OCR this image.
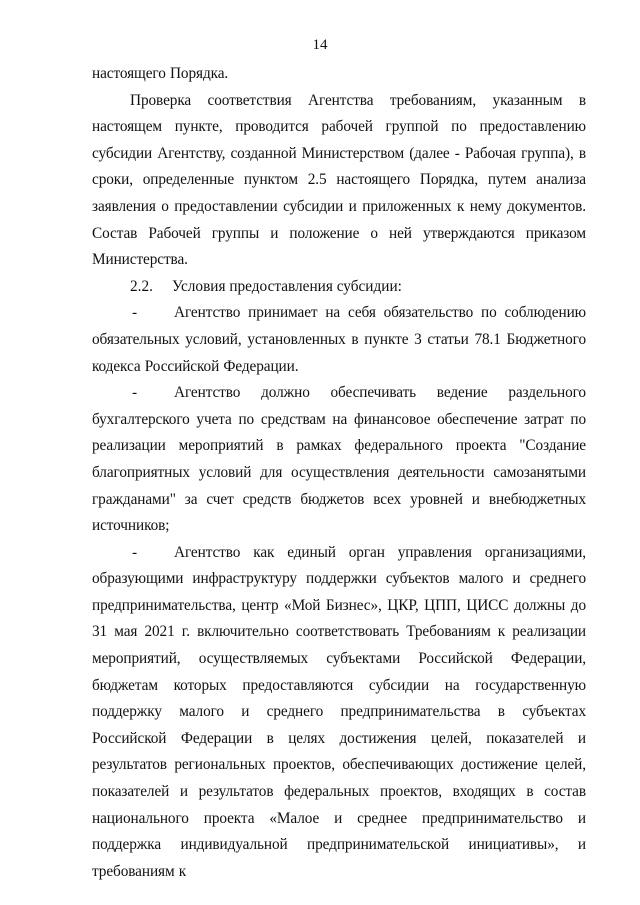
14

настоящего Порядка.

Проверка соответствия Агентства требованиям, указанным в настоящем пункте, проводится рабочей группой по предоставлению субсидии Агентству, созданной Министерством (далее - Рабочая группа), в сроки, определенные пунктом 2.5 настоящего Порядка, путем анализа заявления о предоставлении субсидии и приложенных к нему документов. Состав Рабочей группы и положение о ней утверждаются приказом Министерства.

2.2. Условия предоставления субсидии:

- Агентство принимает на себя обязательство по соблюдению обязательных условий, установленных в пункте 3 статьи 78.1 Бюджетного кодекса Российской Федерации.

- Агентство должно обеспечивать ведение раздельного бухгалтерского учета по средствам на финансовое обеспечение затрат по реализации мероприятий в рамках федерального проекта "Создание благоприятных условий для осуществления деятельности самозанятыми гражданами" за счет средств бюджетов всех уровней и внебюджетных источников;

- Агентство как единый орган управления организациями, образующими инфраструктуру поддержки субъектов малого и среднего предпринимательства, центр «Мой Бизнес», ЦКР, ЦПП, ЦИСС должны до 31 мая 2021 г. включительно соответствовать Требованиям к реализации мероприятий, осуществляемых субъектами Российской Федерации, бюджетам которых предоставляются субсидии на государственную поддержку малого и среднего предпринимательства в субъектах Российской Федерации в целях достижения целей, показателей и результатов региональных проектов, обеспечивающих достижение целей, показателей и результатов федеральных проектов, входящих в состав национального проекта «Малое и среднее предпринимательство и поддержка индивидуальной предпринимательской инициативы», и требованиям к
